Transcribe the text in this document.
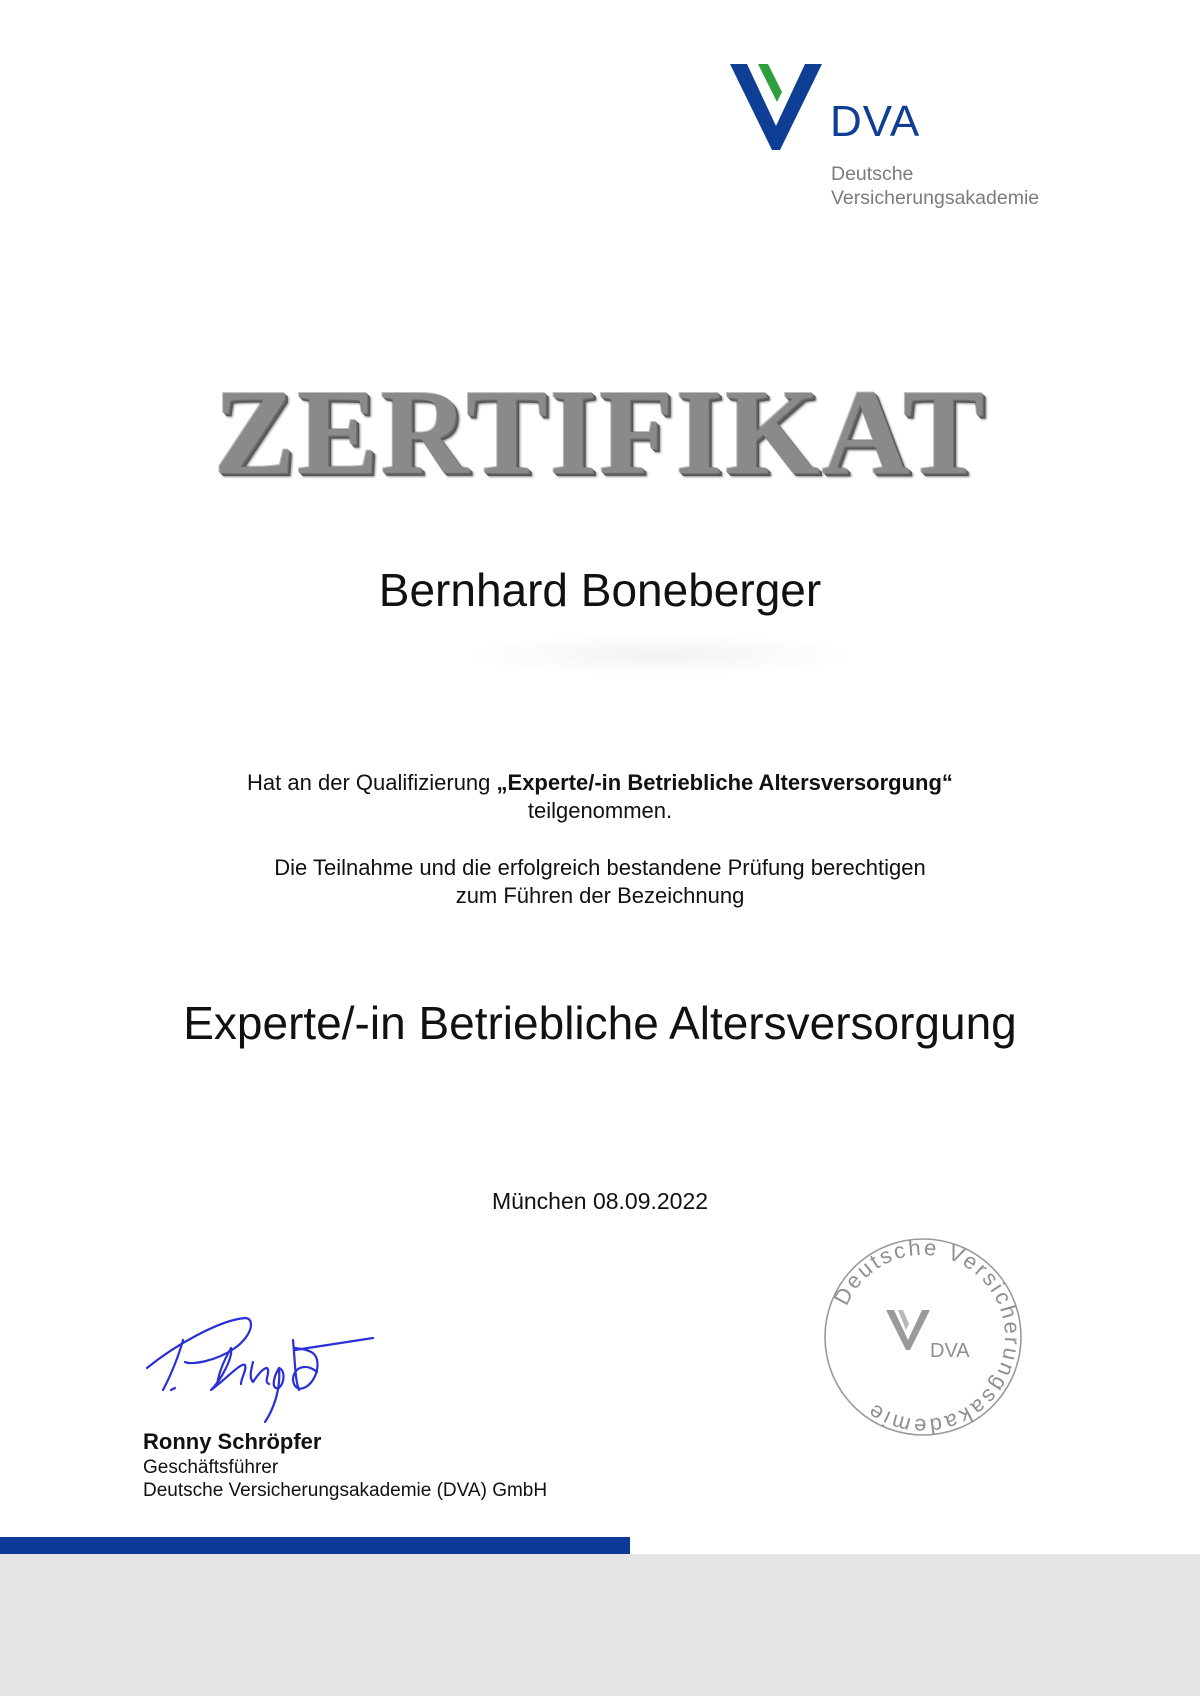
DVA
Deutsche
Versicherungsakademie
ZERTIFIKAT
Bernhard Boneberger
Hat an der Qualifizierung „Experte/-in Betriebliche Altersversorgung“
teilgenommen.
Die Teilnahme und die erfolgreich bestandene Prüfung berechtigen
zum Führen der Bezeichnung
Experte/-in Betriebliche Altersversorgung
München 08.09.2022
Ronny Schröpfer
Geschäftsführer
Deutsche Versicherungsakademie (DVA) GmbH
Deutsche Versicherungsakademie
DVA
